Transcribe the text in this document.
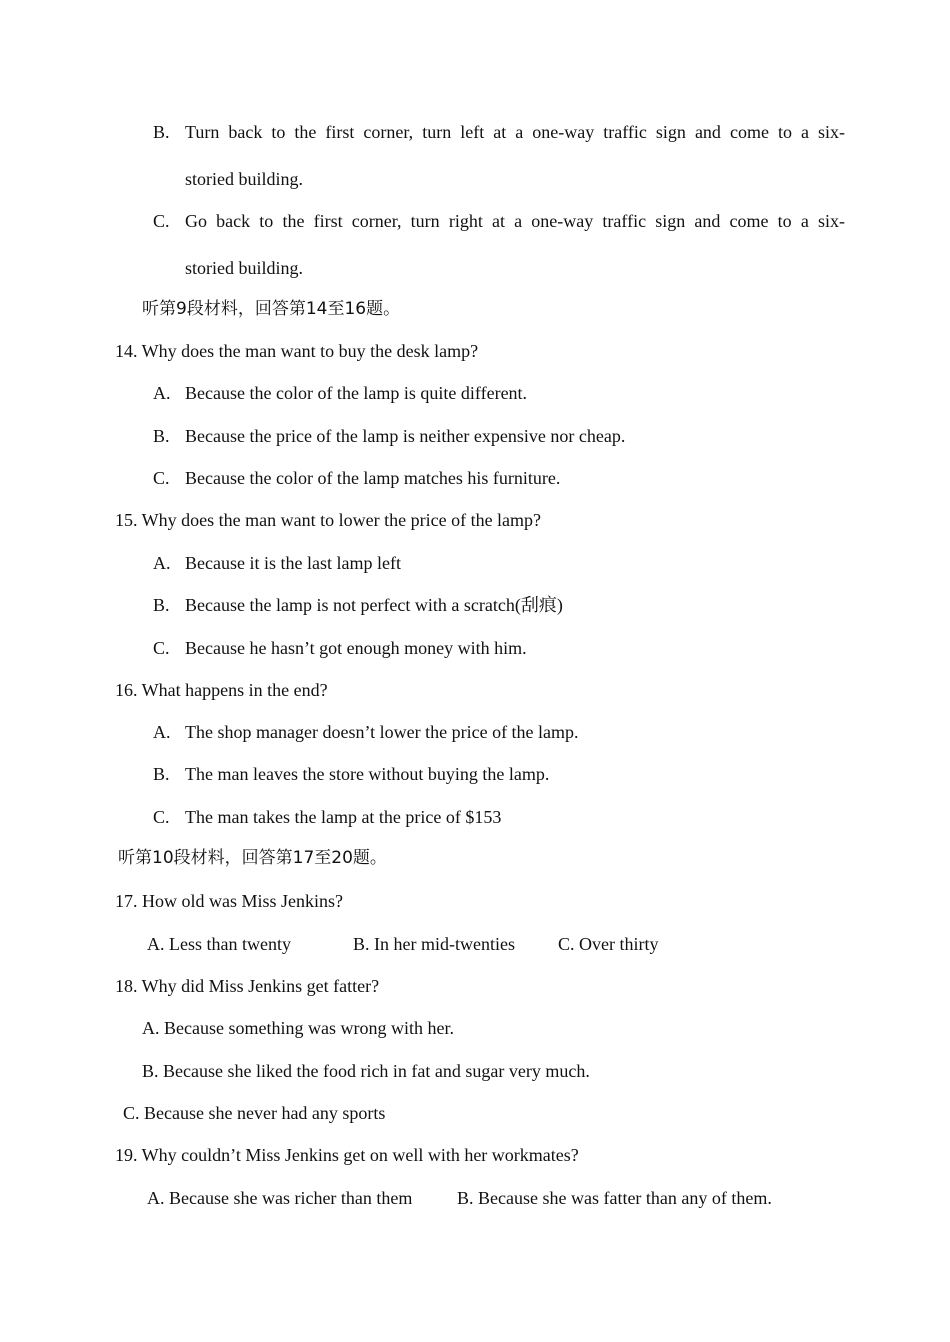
B. Turn back to the first corner, turn left at a one-way traffic sign and come to a six-
storied building.
C. Go back to the first corner, turn right at a one-way traffic sign and come to a six-
storied building.
听第9段材料，回答第14至16题。
14. Why does the man want to buy the desk lamp?
A. Because the color of the lamp is quite different.
B. Because the price of the lamp is neither expensive nor cheap.
C. Because the color of the lamp matches his furniture.
15. Why does the man want to lower the price of the lamp?
A. Because it is the last lamp left
B. Because the lamp is not perfect with a scratch(刮痕)
C. Because he hasn’t got enough money with him.
16. What happens in the end?
A. The shop manager doesn’t lower the price of the lamp.
B. The man leaves the store without buying the lamp.
C. The man takes the lamp at the price of $153
听第10段材料，回答第17至20题。
17. How old was Miss Jenkins?
A. Less than twenty	B. In her mid-twenties C. Over thirty
18. Why did Miss Jenkins get fatter?
A. Because something was wrong with her.
B. Because she liked the food rich in fat and sugar very much.
C. Because she never had any sports
19. Why couldn’t Miss Jenkins get on well with her workmates?
A. Because she was richer than them B. Because she was fatter than any of them.
